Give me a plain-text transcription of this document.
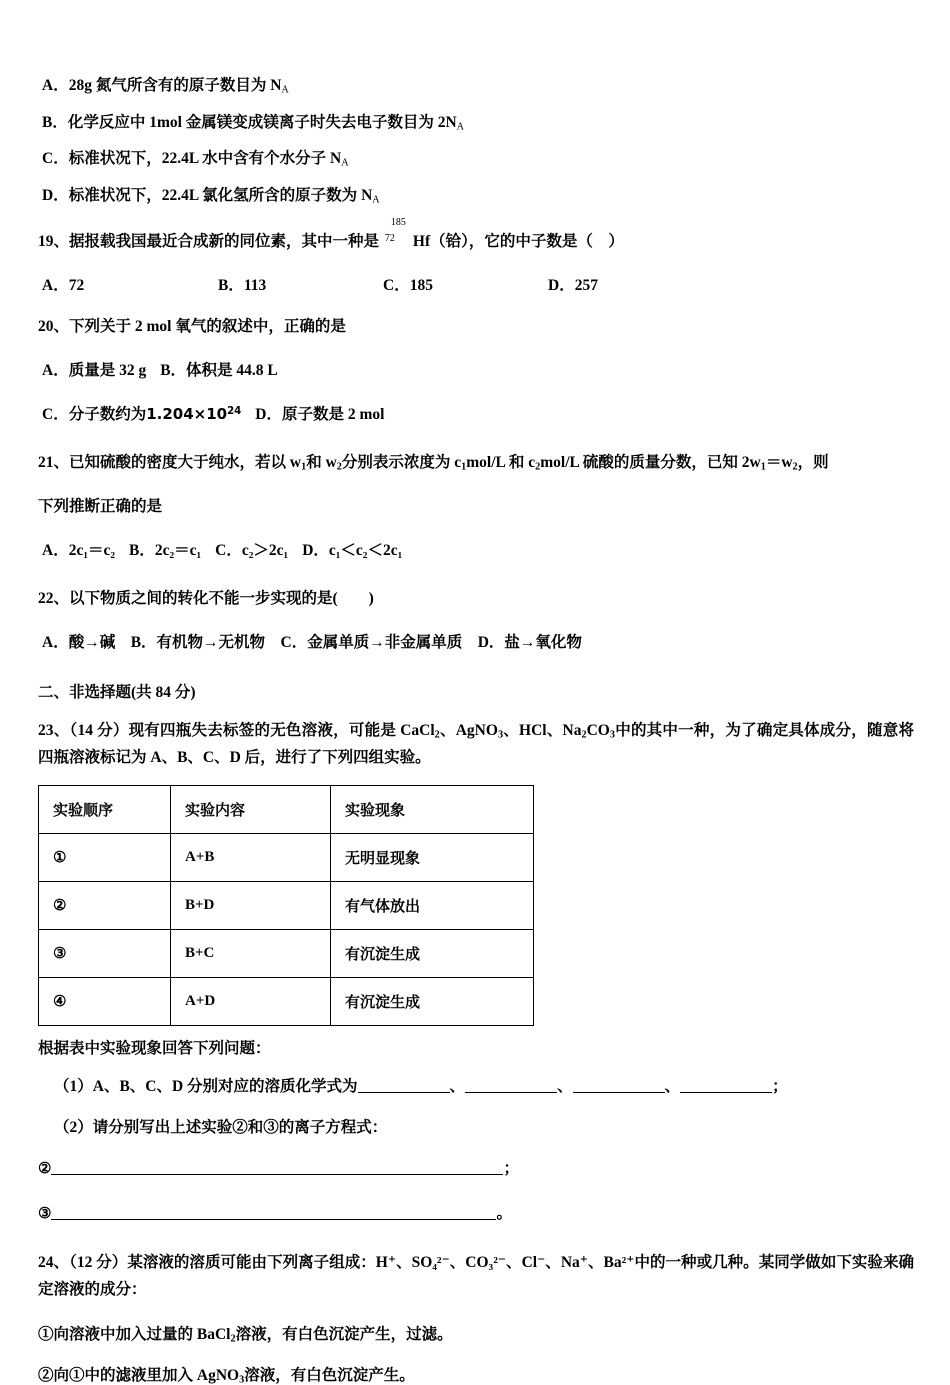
A．28g 氮气所含有的原子数目为 $N_A$
B．化学反应中 1mol 金属镁变成镁离子时失去电子数目为 $2N_A$
C．标准状况下，22.4L 水中含有个水分子 $N_A$
D．标准状况下，22.4L 氯化氢所含的原子数为 $N_A$
19、据报载我国最近合成新的同位素，其中一种是
185
72 Hf（铪），它的中子数是（　）
A．72	B．113	C．185	D．257
20、下列关于 2 mol 氧气的叙述中，正确的是
A．质量是 32 g B．体积是 44.8 L
C．分子数约为$1.204\times 10^{24}$ D．原子数是 2 mol
21、已知硫酸的密度大于纯水，若以 $w_1$和 $w_2$分别表示浓度为 $c_1mol/L$ 和 $c_2mol/L$ 硫酸的质量分数，已知 $2w_1=w_2$，则
下列推断正确的是
A．2c₁＝c₂ B．2c₂＝c₁ C．c₂＞2c₁ D．c₁＜c₂＜2c₁
22、以下物质之间的转化不能一步实现的是(　　)
A．酸→碱　B．有机物→无机物　C．金属单质→非金属单质　D．盐→氧化物
二、非选择题(共 84 分)
23、（14 分）现有四瓶失去标签的无色溶液，可能是 CaCl$_2$、AgNO$_3$、HCl、$Na_2CO_3$中的其中一种，为了确定具体成分，随意将四瓶溶液标记为 A、B、C、D 后，进行了下列四组实验。
实验顺序	实验内容	实验现象
①	A+B	无明显现象
②	B+D	有气体放出
③	B+C	有沉淀生成
④	A+D	有沉淀生成
根据表中实验现象回答下列问题：
（1）A、B、C、D 分别对应的溶质化学式为	、	、	、	；
（2）请分别写出上述实验②和③的离子方程式：
②	；
③	。
24、（12 分）某溶液的溶质可能由下列离子组成：H⁺、SO₄²⁻、CO₃²⁻、Cl⁻、Na⁺、Ba²⁺中的一种或几种。某同学做如下实验来确定溶液的成分：
①向溶液中加入过量的 BaCl$_2$溶液，有白色沉淀产生，过滤。
②向①中的滤液里加入 AgNO$_3$溶液，有白色沉淀产生。
